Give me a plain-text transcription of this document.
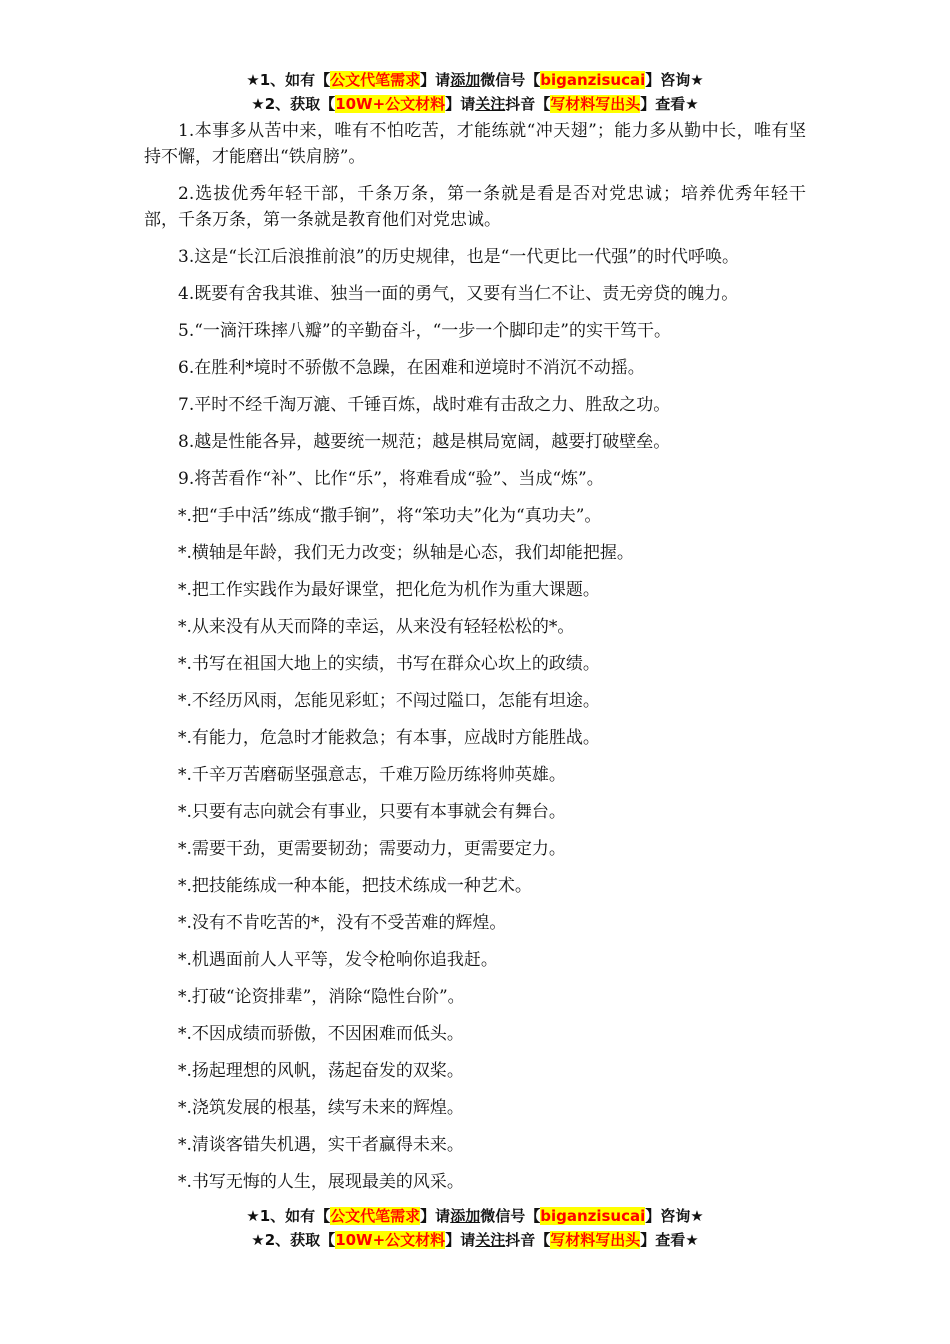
★1、如有【公文代笔需求】请添加微信号【biganzisucai】咨询★
★2、获取【10W+公文材料】请关注抖音【写材料写出头】查看★

1.本事多从苦中来，唯有不怕吃苦，才能练就“冲天翅”；能力多从勤中长，唯有坚持不懈，才能磨出“铁肩膀”。

2.选拔优秀年轻干部，千条万条，第一条就是看是否对党忠诚；培养优秀年轻干部，千条万条，第一条就是教育他们对党忠诚。

3.这是“长江后浪推前浪”的历史规律，也是“一代更比一代强”的时代呼唤。

4.既要有舍我其谁、独当一面的勇气，又要有当仁不让、责无旁贷的魄力。

5.“一滴汗珠摔八瓣”的辛勤奋斗，“一步一个脚印走”的实干笃干。

6.在胜利*境时不骄傲不急躁，在困难和逆境时不消沉不动摇。

7.平时不经千淘万漉、千锤百炼，战时难有击敌之力、胜敌之功。

8.越是性能各异，越要统一规范；越是棋局宽阔，越要打破壁垒。

9.将苦看作“补”、比作“乐”，将难看成“验”、当成“炼”。

*.把“手中活”练成“撒手锏”，将“笨功夫”化为“真功夫”。

*.横轴是年龄，我们无力改变；纵轴是心态，我们却能把握。

*.把工作实践作为最好课堂，把化危为机作为重大课题。

*.从来没有从天而降的幸运，从来没有轻轻松松的*。

*.书写在祖国大地上的实绩，书写在群众心坎上的政绩。

*.不经历风雨，怎能见彩虹；不闯过隘口，怎能有坦途。

*.有能力，危急时才能救急；有本事，应战时方能胜战。

*.千辛万苦磨砺坚强意志，千难万险历练将帅英雄。

*.只要有志向就会有事业，只要有本事就会有舞台。

*.需要干劲，更需要韧劲；需要动力，更需要定力。

*.把技能练成一种本能，把技术练成一种艺术。

*.没有不肯吃苦的*，没有不受苦难的辉煌。

*.机遇面前人人平等，发令枪响你追我赶。

*.打破“论资排辈”，消除“隐性台阶”。

*.不因成绩而骄傲，不因困难而低头。

*.扬起理想的风帆，荡起奋发的双桨。

*.浇筑发展的根基，续写未来的辉煌。

*.清谈客错失机遇，实干者赢得未来。

*.书写无悔的人生，展现最美的风采。

★1、如有【公文代笔需求】请添加微信号【biganzisucai】咨询★
★2、获取【10W+公文材料】请关注抖音【写材料写出头】查看★
